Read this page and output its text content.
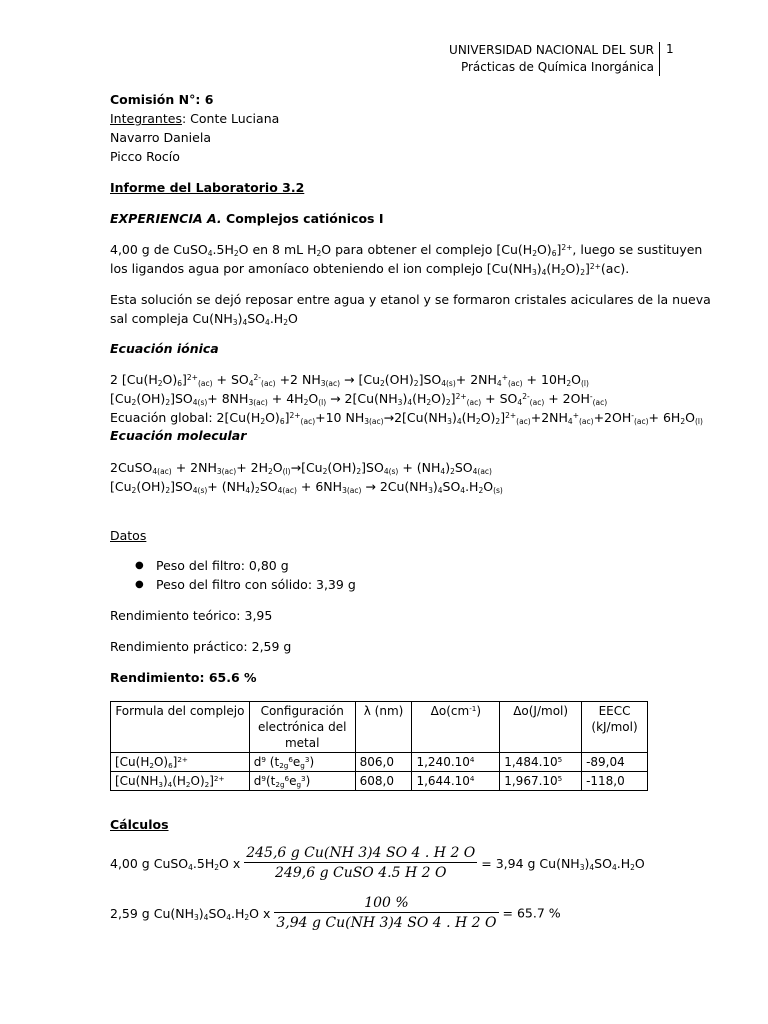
UNIVERSIDAD NACIONAL DEL SUR
Prácticas de Química Inorgánica
1
Comisión N°: 6
Integrantes: Conte Luciana
Navarro Daniela
Picco Rocío
Informe del Laboratorio 3.2
EXPERIENCIA A. Complejos catiónicos I
4,00 g de $CuSO_4.5H_2O$ en 8 mL $H_2O$ para obtener el complejo $[Cu(H_2O)_6]^{2+}$, luego se sustituyen
los ligandos agua por amoníaco obteniendo el ion complejo $[Cu(NH_3)_4(H_2O)_2]^{2+}(ac)$.
Esta solución se dejó reposar entre agua y etanol y se formaron cristales aciculares de la nueva
sal compleja $Cu(NH_3)_4SO_4.H_2O$
Ecuación iónica
2 $[Cu(H_2O)_6]^{2+}_{(ac)} + SO_4^{2-}_{(ac)} +2$ $NH_{3(ac)} \to [Cu_2(OH)_2]SO_{4(s)}+ 2NH_4^+_{(ac)} + 10H_2O_{(l)}$
$[Cu_2(OH)_2]SO_{4(s)}+ 8NH_{3(ac)} + 4H_2O_{(l)} \to 2[Cu(NH_3)_4(H_2O)_2]^{2+}_{(ac)} + SO_4^{2-}_{(ac)} + 2OH^-_{(ac)}$
Ecuación global: $2[Cu(H_2O)_6]^{2+}_{(ac)}+10$ $NH_{3(ac)}\to 2[Cu(NH_3)_4(H_2O)_2]^{2+}_{(ac)}+2NH_4^+_{(ac)}+2OH^-_{(ac)}+ 6H_2O_{(l)}$
Ecuación molecular
2CuSO$_{4(ac)}$ + $2NH_{3(ac)}+ 2H_2O_{(l)}\to[Cu_2(OH)_2]SO_{4(s)} + (NH_4)_2SO_{4(ac)}$
$[Cu_2(OH)_2]SO_{4(s)}+ (NH_4)_2SO_{4(ac)} + 6NH_{3(ac)} \to 2Cu(NH_3)_4SO_4.H_2O_{(s)}$
Datos
● Peso del filtro: 0,80 g
● Peso del filtro con sólido: 3,39 g
Rendimiento teórico: 3,95
Rendimiento práctico: 2,59 g
Rendimiento: 65.6 %
Formula del complejo	Configuración electrónica del metal	λ (nm)	$\Delta o(cm^{-1})$	Δo(J/mol)	EECC (kJ/mol)
$[Cu(H_2O)_6]^{2+}$	$d^9$ $(t_{2g}^6e_g^3)$	806,0	1,240.10$^4$	1,484.10$^5$	-89,04
$[Cu(NH_3)_4(H_2O)_2]^{2+}$	$d^9(t_{2g}^6e_g^3)$	608,0	1,644.10$^4$	1,967.10$^5$	-118,0
Cálculos
4,00 g $CuSO_4.5H_2O$ x $\frac{\text{245,6 g Cu(NH 3)4 SO 4 . H 2 O}}{\text{249,6 g CuSO 4.5 H 2 O}} = 3,94$ g $Cu(NH_3)_4SO_4.H_2O$
2,59 g $Cu(NH_3)_4SO_4.H_2O$ x $\frac{100 \%}{\text{3,94 g Cu(NH 3)4 SO 4 . H 2 O}} = 65.7$ %
